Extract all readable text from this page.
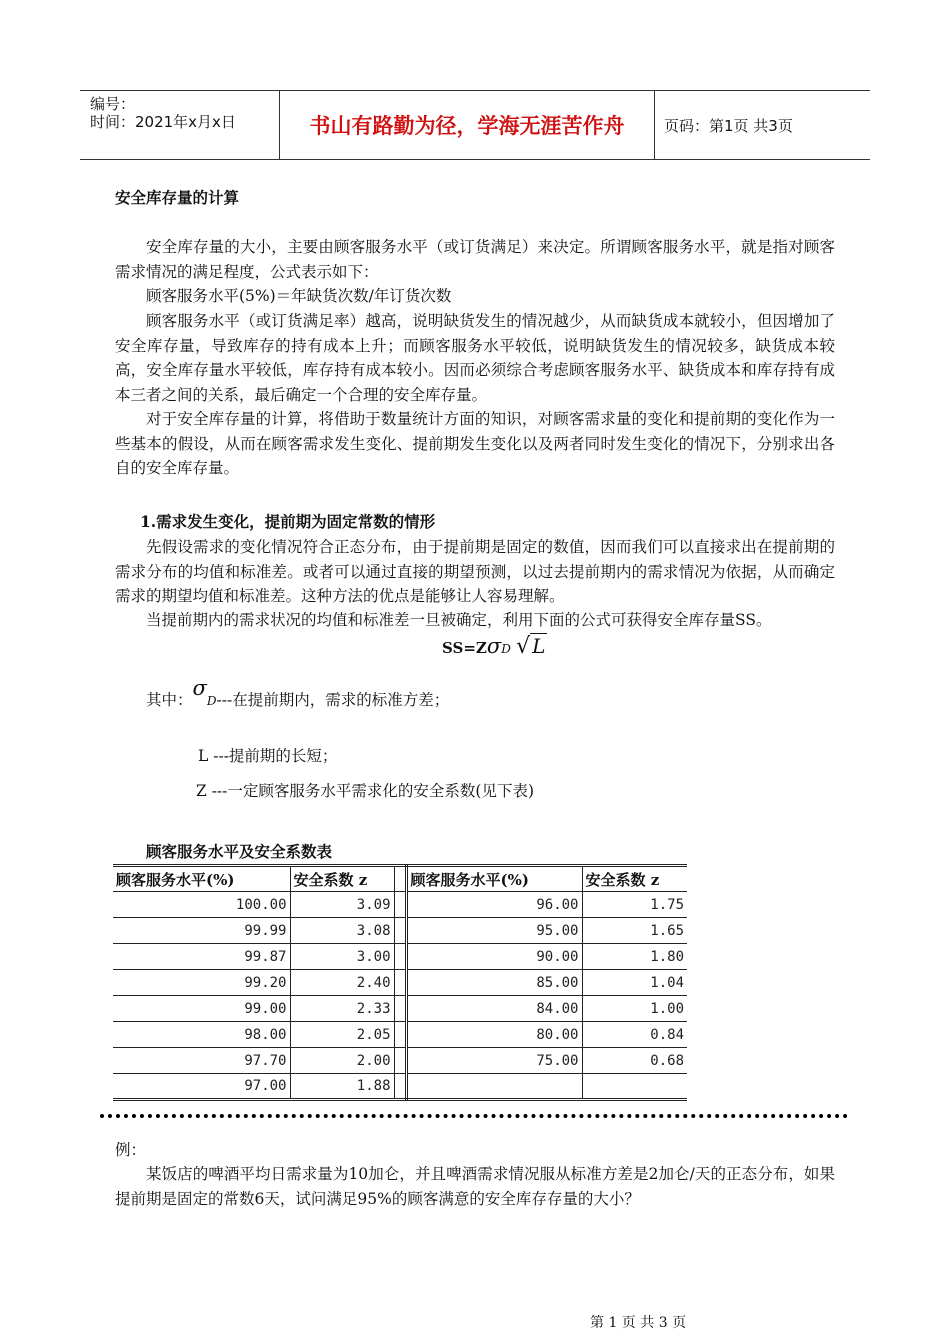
编号：
时间：2021年x月x日	书山有路勤为径，学海无涯苦作舟	页码：第1页 共3页
安全库存量的计算
安全库存量的大小，主要由顾客服务水平（或订货满足）来决定。所谓顾客服务水平，就是指对顾客需求情况的满足程度，公式表示如下：
顾客服务水平(5%)＝年缺货次数/年订货次数
顾客服务水平（或订货满足率）越高，说明缺货发生的情况越少，从而缺货成本就较小，但因增加了安全库存量，导致库存的持有成本上升；而顾客服务水平较低，说明缺货发生的情况较多，缺货成本较高，安全库存量水平较低，库存持有成本较小。因而必须综合考虑顾客服务水平、缺货成本和库存持有成本三者之间的关系，最后确定一个合理的安全库存量。
对于安全库存量的计算，将借助于数量统计方面的知识，对顾客需求量的变化和提前期的变化作为一些基本的假设，从而在顾客需求发生变化、提前期发生变化以及两者同时发生变化的情况下，分别求出各自的安全库存量。
1.需求发生变化，提前期为固定常数的情形
先假设需求的变化情况符合正态分布，由于提前期是固定的数值，因而我们可以直接求出在提前期的需求分布的均值和标准差。或者可以通过直接的期望预测，以过去提前期内的需求情况为依据，从而确定需求的期望均值和标准差。这种方法的优点是能够让人容易理解。
当提前期内的需求状况的均值和标准差一旦被确定，利用下面的公式可获得安全库存量SS。
SS=ZσD √ L
其中：σD---在提前期内，需求的标准方差；
L ---提前期的长短；
Z ---一定顾客服务水平需求化的安全系数(见下表)
顾客服务水平及安全系数表
顾客服务水平(%)	安全系数 z		顾客服务水平(%)	安全系数 z
100.00	3.09		96.00	1.75
99.99	3.08		95.00	1.65
99.87	3.00		90.00	1.80
99.20	2.40		85.00	1.04
99.00	2.33		84.00	1.00
98.00	2.05		80.00	0.84
97.70	2.00		75.00	0.68
97.00	1.88			
例：
某饭店的啤酒平均日需求量为10加仑，并且啤酒需求情况服从标准方差是2加仑/天的正态分布，如果提前期是固定的常数6天，试问满足95%的顾客满意的安全库存存量的大小？
第 1 页 共 3 页
